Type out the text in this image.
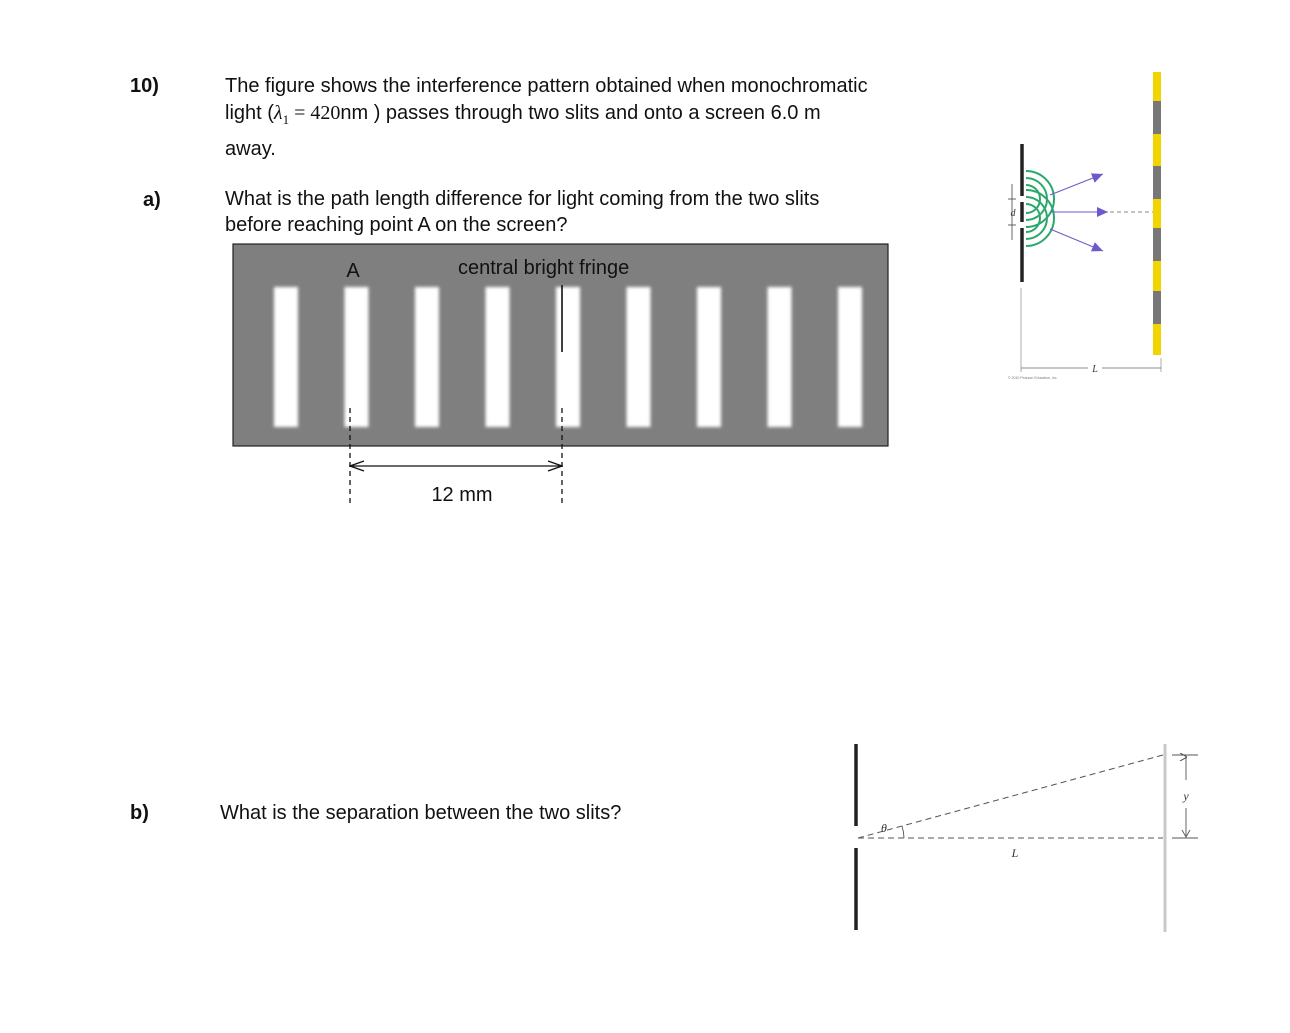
10)	The figure shows the interference pattern obtained when monochromatic
light ($\lambda_1 = 420nm$ ) passes through two slits and onto a screen 6.0 m
away.
a)	What is the path length difference for light coming from the two slits
before reaching point A on the screen?
A	central bright fringe
12 mm
d
L
© 2010 Pearson Education, Inc.
θ
L
y
b)	What is the separation between the two slits?
